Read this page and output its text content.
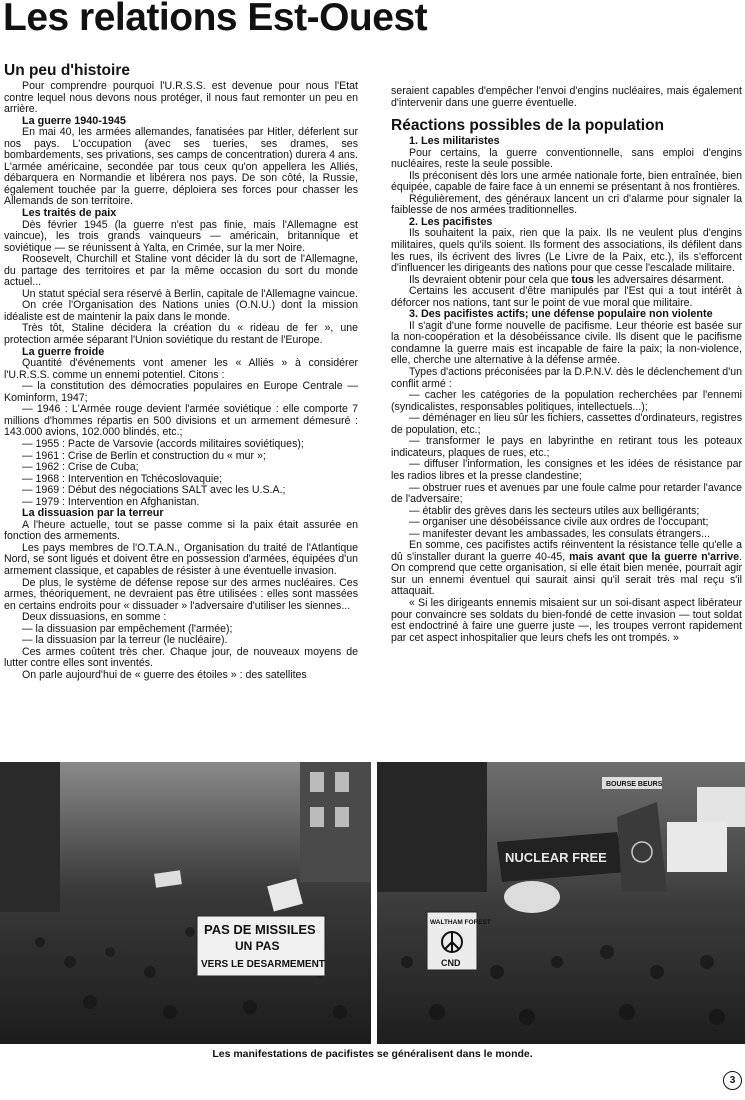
Les relations Est-Ouest
Un peu d'histoire

Pour comprendre pourquoi l'U.R.S.S. est devenue pour nous l'Etat contre lequel nous devons nous protéger, il nous faut remonter un peu en arrière.

La guerre 1940-1945

En mai 40, les armées allemandes, fanatisées par Hitler, déferlent sur nos pays. L'occupation (avec ses tueries, ses drames, ses bombardements, ses privations, ses camps de concentration) durera 4 ans. L'armée américaine, secondée par tous ceux qu'on appellera les Alliés, débarquera en Normandie et libérera nos pays. De son côté, la Russie, également touchée par la guerre, déploiera ses forces pour chasser les Allemands de son territoire.

Les traités de paix

Dès février 1945 (la guerre n'est pas finie, mais l'Allemagne est vaincue), les trois grands vainqueurs — américain, britannique et soviétique — se réunissent à Yalta, en Crimée, sur la mer Noire.

Roosevelt, Churchill et Staline vont décider là du sort de l'Allemagne, du partage des territoires et par la même occasion du sort du monde actuel...

Un statut spécial sera réservé à Berlin, capitale de l'Allemagne vaincue.

On crée l'Organisation des Nations unies (O.N.U.) dont la mission idéaliste est de maintenir la paix dans le monde.

Très tôt, Staline décidera la création du « rideau de fer », une protection armée séparant l'Union soviétique du restant de l'Europe.

La guerre froide

Quantité d'événements vont amener les « Alliés » à considérer l'U.R.S.S. comme un ennemi potentiel. Citons :

— la constitution des démocraties populaires en Europe Centrale — Kominform, 1947;

— 1946 : L'Armée rouge devient l'armée soviétique : elle comporte 7 millions d'hommes répartis en 500 divisions et un armement démesuré : 143.000 avions, 102.000 blindés, etc.;

— 1955 : Pacte de Varsovie (accords militaires soviétiques);

— 1961 : Crise de Berlin et construction du « mur »;

— 1962 : Crise de Cuba;

— 1968 : Intervention en Tchécoslovaquie;

— 1969 : Début des négociations SALT avec les U.S.A.;

— 1979 : Intervention en Afghanistan.

La dissuasion par la terreur

A l'heure actuelle, tout se passe comme si la paix était assurée en fonction des armements.

Les pays membres de l'O.T.A.N., Organisation du traité de l'Atlantique Nord, se sont ligués et doivent être en possession d'armées, équipées d'un armement classique, et capables de résister à une éventuelle invasion.

De plus, le système de défense repose sur des armes nucléaires. Ces armes, théoriquement, ne devraient pas être utilisées : elles sont massées en certains endroits pour « dissuader » l'adversaire d'utiliser les siennes...

Deux dissuasions, en somme :

— la dissuasion par empêchement (l'armée);

— la dissuasion par la terreur (le nucléaire).

Ces armes coûtent très cher. Chaque jour, de nouveaux moyens de lutter contre elles sont inventés.

On parle aujourd'hui de « guerre des étoiles » : des satellites

seraient capables d'empêcher l'envoi d'engins nucléaires, mais également d'intervenir dans une guerre éventuelle.

Réactions possibles de la population

1. Les militaristes

Pour certains, la guerre conventionnelle, sans emploi d'engins nucléaires, reste la seule possible.

Ils préconisent dès lors une armée nationale forte, bien entraînée, bien équipée, capable de faire face à un ennemi se présentant à nos frontières.

Régulièrement, des généraux lancent un cri d'alarme pour signaler la faiblesse de nos armées traditionnelles.

2. Les pacifistes

Ils souhaitent la paix, rien que la paix. Ils ne veulent plus d'engins militaires, quels qu'ils soient. Ils forment des associations, ils défilent dans les rues, ils écrivent des livres (Le Livre de la Paix, etc.), ils s'efforcent d'influencer les dirigeants des nations pour que cesse l'escalade militaire.

Ils devraient obtenir pour cela que tous les adversaires désarment.

Certains les accusent d'être manipulés par l'Est qui a tout intérêt à déforcer nos nations, tant sur le point de vue moral que militaire.

3. Des pacifistes actifs; une défense populaire non violente

Il s'agit d'une forme nouvelle de pacifisme. Leur théorie est basée sur la non-coopération et la désobéissance civile. Ils disent que le pacifisme condamne la guerre mais est incapable de faire la paix; la non-violence, elle, cherche une alternative à la défense armée.

Types d'actions préconisées par la D.P.N.V. dès le déclenchement d'un conflit armé :

— cacher les catégories de la population recherchées par l'ennemi (syndicalistes, responsables politiques, intellectuels...);

— déménager en lieu sûr les fichiers, cassettes d'ordinateurs, registres de population, etc.;

— transformer le pays en labyrinthe en retirant tous les poteaux indicateurs, plaques de rues, etc.;

— diffuser l'information, les consignes et les idées de résistance par les radios libres et la presse clandestine;

— obstruer rues et avenues par une foule calme pour retarder l'avance de l'adversaire;

— établir des grèves dans les secteurs utiles aux belligérants;

— organiser une désobéissance civile aux ordres de l'occupant;

— manifester devant les ambassades, les consulats étrangers...

En somme, ces pacifistes actifs réinventent la résistance telle qu'elle a dû s'installer durant la guerre 40-45, mais avant que la guerre n'arrive. On comprend que cette organisation, si elle était bien menée, pourrait agir sur un ennemi éventuel qui saurait ainsi qu'il serait très mal reçu s'il attaquait.

« Si les dirigeants ennemis misaient sur un soi-disant aspect libérateur pour convaincre ses soldats du bien-fondé de cette invasion — tout soldat est endoctriné à faire une guerre juste —, les troupes verront rapidement par cet aspect inhospitalier que leurs chefs les ont trompés. »

PAS DE MISSILES
UN PAS
VERS LE DESARMEMENT
BOURSE BEURS
NUCLEAR FREE
WALTHAM FOREST
CND
Les manifestations de pacifistes se généralisent dans le monde.
3
